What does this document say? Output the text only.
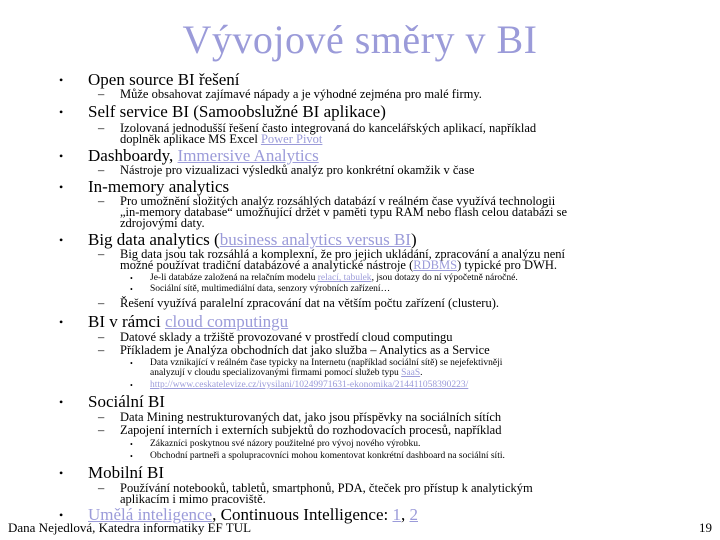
Vývojové směry v BI
• Open source BI řešení
– Může obsahovat zajímavé nápady a je výhodné zejména pro malé firmy.
• Self service BI (Samoobslužné BI aplikace)
– Izolovaná jednodušší řešení často integrovaná do kancelářských aplikací, například
doplněk aplikace MS Excel Power Pivot
• Dashboardy, Immersive Analytics
– Nástroje pro vizualizaci výsledků analýz pro konkrétní okamžik v čase
• In-memory analytics
– Pro umožnění složitých analýz rozsáhlých databází v reálném čase využívá technologii
„in-memory database“ umožňující držet v paměti typu RAM nebo flash celou databázi se
zdrojovými daty.
• Big data analytics (business analytics versus BI)
– Big data jsou tak rozsáhlá a komplexní, že pro jejich ukládání, zpracování a analýzu není
možné používat tradiční databázové a analytické nástroje (RDBMS) typické pro DWH.
• Je-li databáze založená na relačním modelu relací, tabulek, jsou dotazy do ní výpočetně náročné.
• Sociální sítě, multimediální data, senzory výrobních zařízení…
– Řešení využívá paralelní zpracování dat na větším počtu zařízení (clusteru).
• BI v rámci cloud computingu
– Datové sklady a tržiště provozované v prostředí cloud computingu
– Příkladem je Analýza obchodních dat jako služba – Analytics as a Service
• Data vznikající v reálném čase typicky na Internetu (například sociální sítě) se nejefektivněji
analyzují v cloudu specializovanými firmami pomocí služeb typu SaaS.
• http://www.ceskatelevize.cz/ivysilani/10249971631-ekonomika/214411058390223/
• Sociální BI
– Data Mining nestrukturovaných dat, jako jsou příspěvky na sociálních sítích
– Zapojení interních i externích subjektů do rozhodovacích procesů, například
• Zákazníci poskytnou své názory použitelné pro vývoj nového výrobku.
• Obchodní partneři a spolupracovníci mohou komentovat konkrétní dashboard na sociální síti.
• Mobilní BI
– Používání notebooků, tabletů, smartphonů, PDA, čteček pro přístup k analytickým
aplikacím i mimo pracoviště.
• Umělá inteligence, Continuous Intelligence: 1, 2
Dana Nejedlová, Katedra informatiky EF TUL	19
